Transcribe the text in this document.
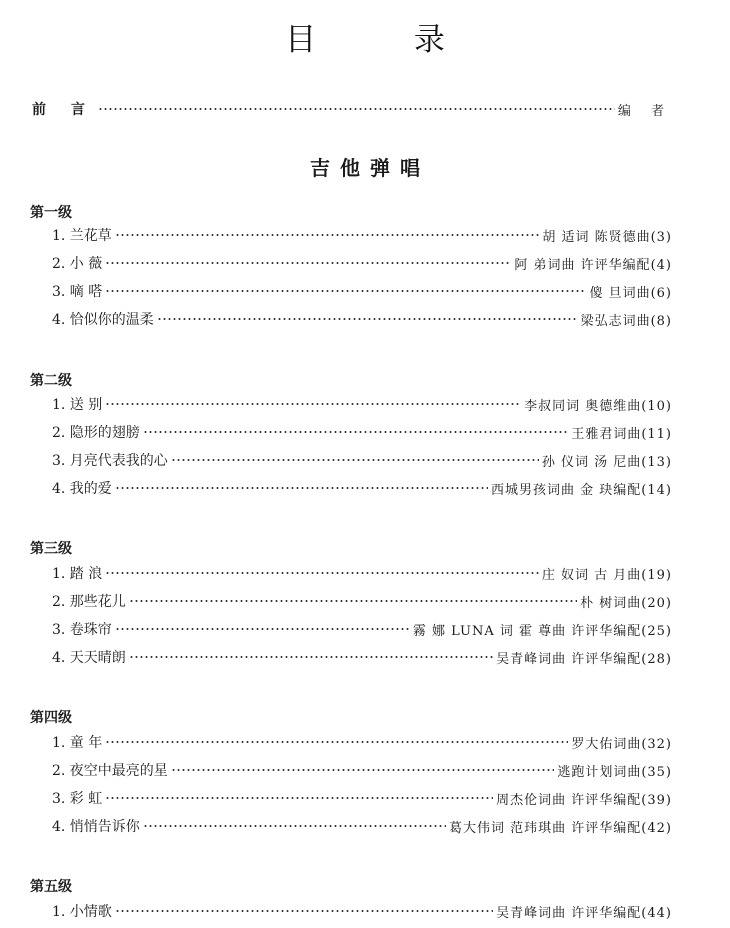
目 录
前 言	编 者
吉他弹唱
第一级
1. 兰花草	胡 适词 陈贤德曲(3)
2. 小 薇	阿 弟词曲 许评华编配(4)
3. 嘀 嗒	傻 旦词曲(6)
4. 恰似你的温柔	梁弘志词曲(8)
第二级
1. 送 别	李叔同词 奥德维曲(10)
2. 隐形的翅膀	王雅君词曲(11)
3. 月亮代表我的心	孙 仪词 汤 尼曲(13)
4. 我的爱	西城男孩词曲 金 玦编配(14)
第三级
1. 踏 浪	庄 奴词 古 月曲(19)
2. 那些花儿	朴 树词曲(20)
3. 卷珠帘	霧 娜 LUNA 词 霍 尊曲 许评华编配(25)
4. 天天晴朗	吴青峰词曲 许评华编配(28)
第四级
1. 童 年	罗大佑词曲(32)
2. 夜空中最亮的星	逃跑计划词曲(35)
3. 彩 虹	周杰伦词曲 许评华编配(39)
4. 悄悄告诉你	葛大伟词 范玮琪曲 许评华编配(42)
第五级
1. 小情歌	吴青峰词曲 许评华编配(44)
